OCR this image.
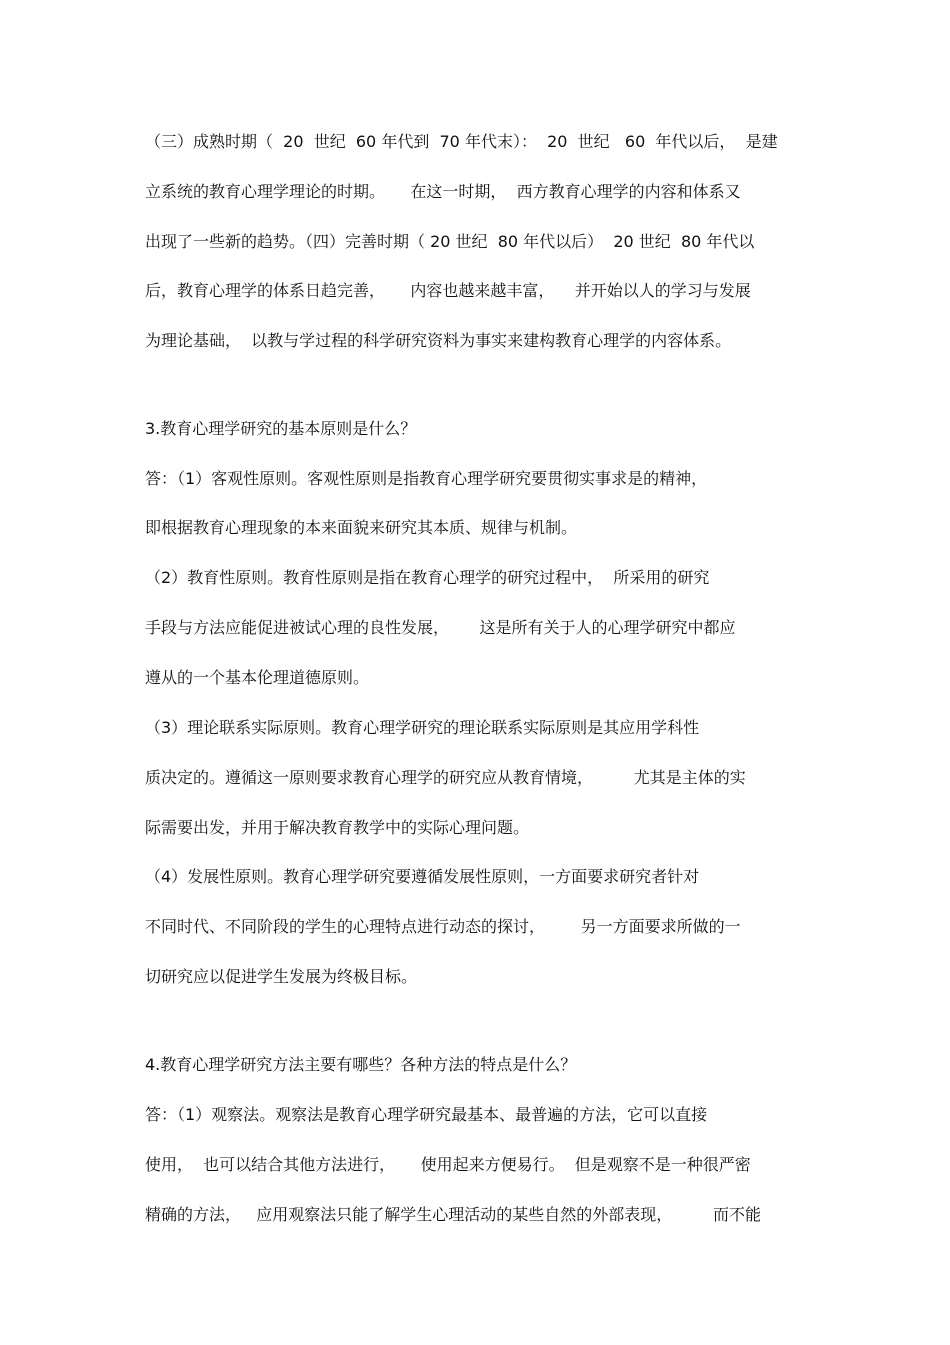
（三）成熟时期（  20  世纪  60 年代到  70 年代末）：  20  世纪   60  年代以后，  是建
立系统的教育心理学理论的时期。     在这一时期，  西方教育心理学的内容和体系又
出现了一些新的趋势。（四）完善时期（ 20 世纪  80 年代以后）  20 世纪  80 年代以
后，教育心理学的体系日趋完善，     内容也越来越丰富，    并开始以人的学习与发展
为理论基础，  以教与学过程的科学研究资料为事实来建构教育心理学的内容体系。
3.教育心理学研究的基本原则是什么？
答：（1）客观性原则。客观性原则是指教育心理学研究要贯彻实事求是的精神，
即根据教育心理现象的本来面貌来研究其本质、规律与机制。
（2）教育性原则。教育性原则是指在教育心理学的研究过程中，  所采用的研究
手段与方法应能促进被试心理的良性发展，      这是所有关于人的心理学研究中都应
遵从的一个基本伦理道德原则。
（3）理论联系实际原则。教育心理学研究的理论联系实际原则是其应用学科性
质决定的。遵循这一原则要求教育心理学的研究应从教育情境，        尤其是主体的实
际需要出发，并用于解决教育教学中的实际心理问题。
（4）发展性原则。教育心理学研究要遵循发展性原则，一方面要求研究者针对
不同时代、不同阶段的学生的心理特点进行动态的探讨，       另一方面要求所做的一
切研究应以促进学生发展为终极目标。
4.教育心理学研究方法主要有哪些？各种方法的特点是什么？
答：（1）观察法。观察法是教育心理学研究最基本、最普遍的方法，它可以直接
使用，  也可以结合其他方法进行，     使用起来方便易行。  但是观察不是一种很严密
精确的方法，   应用观察法只能了解学生心理活动的某些自然的外部表现，        而不能
